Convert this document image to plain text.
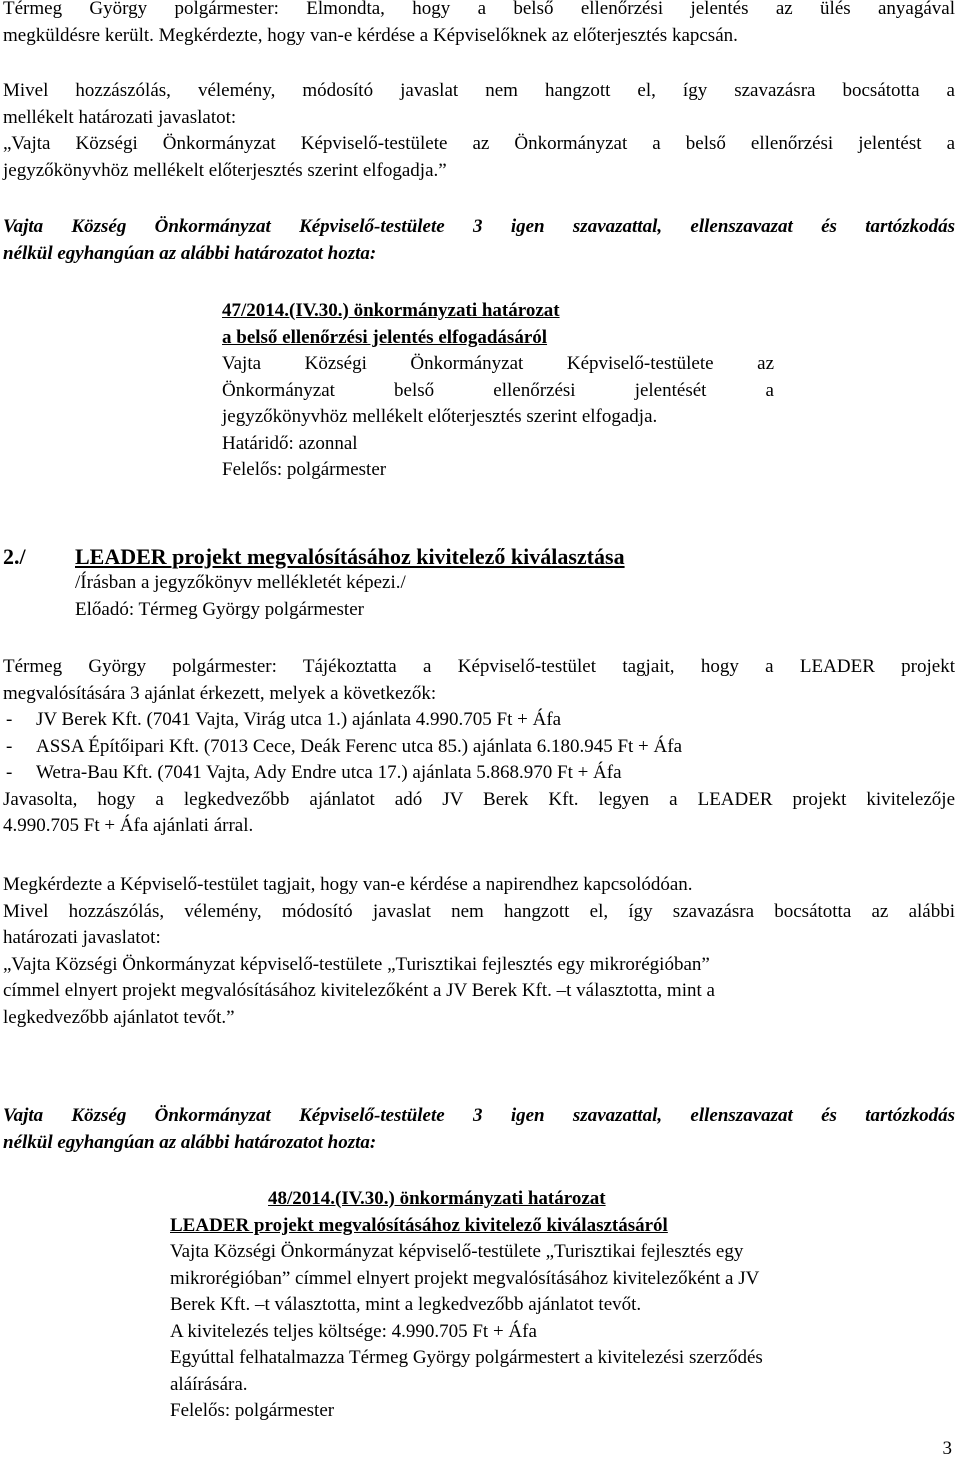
Térmeg György polgármester: Elmondta, hogy a belső ellenőrzési jelentés az ülés anyagával
megküldésre került. Megkérdezte, hogy van-e kérdése a Képviselőknek az előterjesztés kapcsán.
Mivel hozzászólás, vélemény, módosító javaslat nem hangzott el, így szavazásra bocsátotta a
mellékelt határozati javaslatot:
„Vajta Községi Önkormányzat Képviselő-testülete az Önkormányzat a belső ellenőrzési jelentést a
jegyzőkönyvhöz mellékelt előterjesztés szerint elfogadja.”
Vajta Község Önkormányzat Képviselő-testülete 3 igen szavazattal, ellenszavazat és tartózkodás
nélkül egyhangúan az alábbi határozatot hozta:
47/2014.(IV.30.) önkormányzati határozat
a belső ellenőrzési jelentés elfogadásáról
Vajta Községi Önkormányzat Képviselő-testülete az
Önkormányzat belső ellenőrzési jelentését a
jegyzőkönyvhöz mellékelt előterjesztés szerint elfogadja.
Határidő: azonnal
Felelős: polgármester
2./ LEADER projekt megvalósításához kivitelező kiválasztása
/Írásban a jegyzőkönyv mellékletét képezi./
Előadó: Térmeg György polgármester
Térmeg György polgármester: Tájékoztatta a Képviselő-testület tagjait, hogy a LEADER projekt
megvalósítására 3 ajánlat érkezett, melyek a következők:
- JV Berek Kft. (7041 Vajta, Virág utca 1.) ajánlata 4.990.705 Ft + Áfa
- ASSA Építőipari Kft. (7013 Cece, Deák Ferenc utca 85.) ajánlata 6.180.945 Ft + Áfa
- Wetra-Bau Kft. (7041 Vajta, Ady Endre utca 17.) ajánlata 5.868.970 Ft + Áfa
Javasolta, hogy a legkedvezőbb ajánlatot adó JV Berek Kft. legyen a LEADER projekt kivitelezője
4.990.705 Ft + Áfa ajánlati árral.
Megkérdezte a Képviselő-testület tagjait, hogy van-e kérdése a napirendhez kapcsolódóan.
Mivel hozzászólás, vélemény, módosító javaslat nem hangzott el, így szavazásra bocsátotta az alábbi
határozati javaslatot:
„Vajta Községi Önkormányzat képviselő-testülete „Turisztikai fejlesztés egy mikrorégióban”
címmel elnyert projekt megvalósításához kivitelezőként a JV Berek Kft. –t választotta, mint a
legkedvezőbb ajánlatot tevőt.”
Vajta Község Önkormányzat Képviselő-testülete 3 igen szavazattal, ellenszavazat és tartózkodás
nélkül egyhangúan az alábbi határozatot hozta:
48/2014.(IV.30.) önkormányzati határozat
LEADER projekt megvalósításához kivitelező kiválasztásáról
Vajta Községi Önkormányzat képviselő-testülete „Turisztikai fejlesztés egy
mikrorégióban” címmel elnyert projekt megvalósításához kivitelezőként a JV
Berek Kft. –t választotta, mint a legkedvezőbb ajánlatot tevőt.
A kivitelezés teljes költsége: 4.990.705 Ft + Áfa
Egyúttal felhatalmazza Térmeg György polgármestert a kivitelezési szerződés
aláírására.
Felelős: polgármester
3
